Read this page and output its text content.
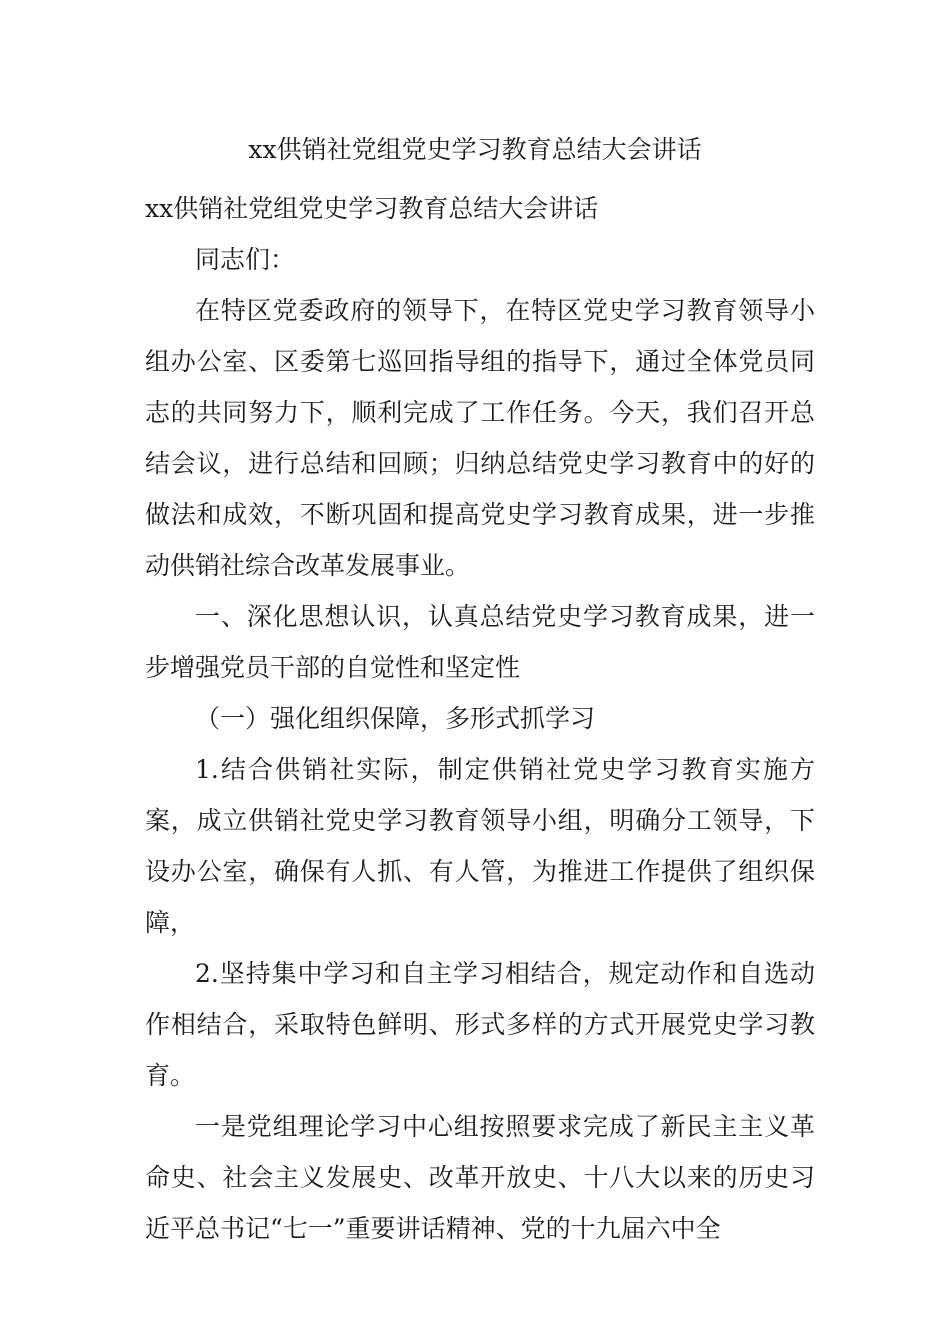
xx供销社党组党史学习教育总结大会讲话

xx供销社党组党史学习教育总结大会讲话

同志们：

在特区党委政府的领导下，在特区党史学习教育领导小组办公室、区委第七巡回指导组的指导下，通过全体党员同志的共同努力下，顺利完成了工作任务。今天，我们召开总结会议，进行总结和回顾；归纳总结党史学习教育中的好的做法和成效，不断巩固和提高党史学习教育成果，进一步推动供销社综合改革发展事业。

一、深化思想认识，认真总结党史学习教育成果，进一步增强党员干部的自觉性和坚定性

（一）强化组织保障，多形式抓学习

1.结合供销社实际，制定供销社党史学习教育实施方案，成立供销社党史学习教育领导小组，明确分工领导，下设办公室，确保有人抓、有人管，为推进工作提供了组织保障，

2.坚持集中学习和自主学习相结合，规定动作和自选动作相结合，采取特色鲜明、形式多样的方式开展党史学习教育。

一是党组理论学习中心组按照要求完成了新民主主义革命史、社会主义发展史、改革开放史、十八大以来的历史习近平总书记“七一”重要讲话精神、党的十九届六中全
